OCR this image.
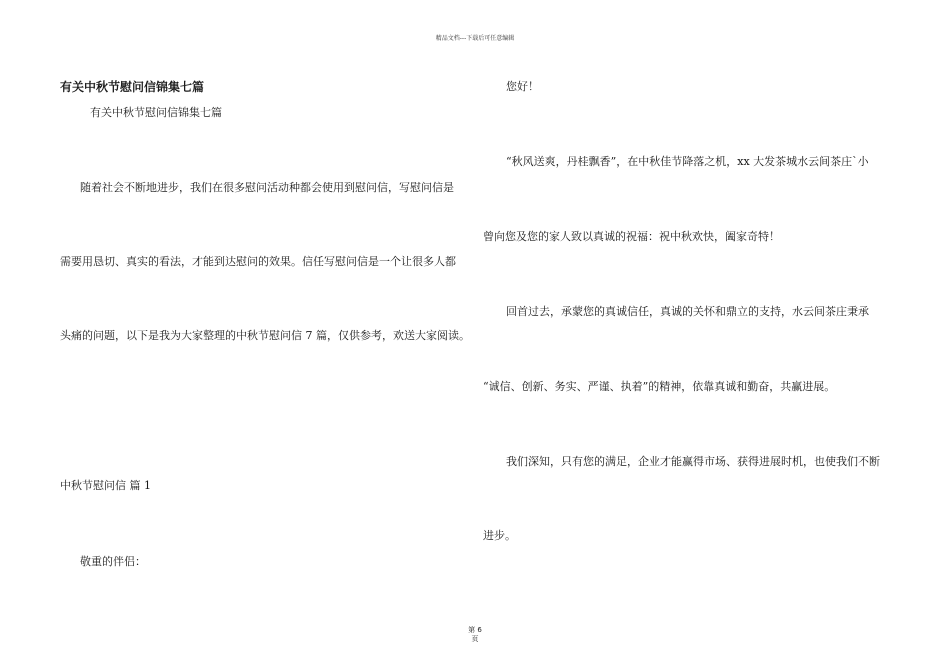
精品文档---下载后可任意编辑
有关中秋节慰问信锦集七篇
有关中秋节慰问信锦集七篇
随着社会不断地进步，我们在很多慰问活动种都会使用到慰问信，写慰问信是
需要用恳切、真实的看法，才能到达慰问的效果。信任写慰问信是一个让很多人都
头痛的问题，以下是我为大家整理的中秋节慰问信 7 篇，仅供参考，欢送大家阅读。
中秋节慰问信 篇 1
敬重的伴侣：
您好！
“秋风送爽，丹桂飘香”，在中秋佳节降落之机，xx 大发茶城水云间茶庄`小
曾向您及您的家人致以真诚的祝福：祝中秋欢快，阖家奇特！
回首过去，承蒙您的真诚信任，真诚的关怀和鼎立的支持，水云间茶庄秉承
“诚信、创新、务实、严谨、执着”的精神，依靠真诚和勤奋，共赢进展。
我们深知，只有您的满足，企业才能赢得市场、获得进展时机，也使我们不断
进步。
第 6
页
